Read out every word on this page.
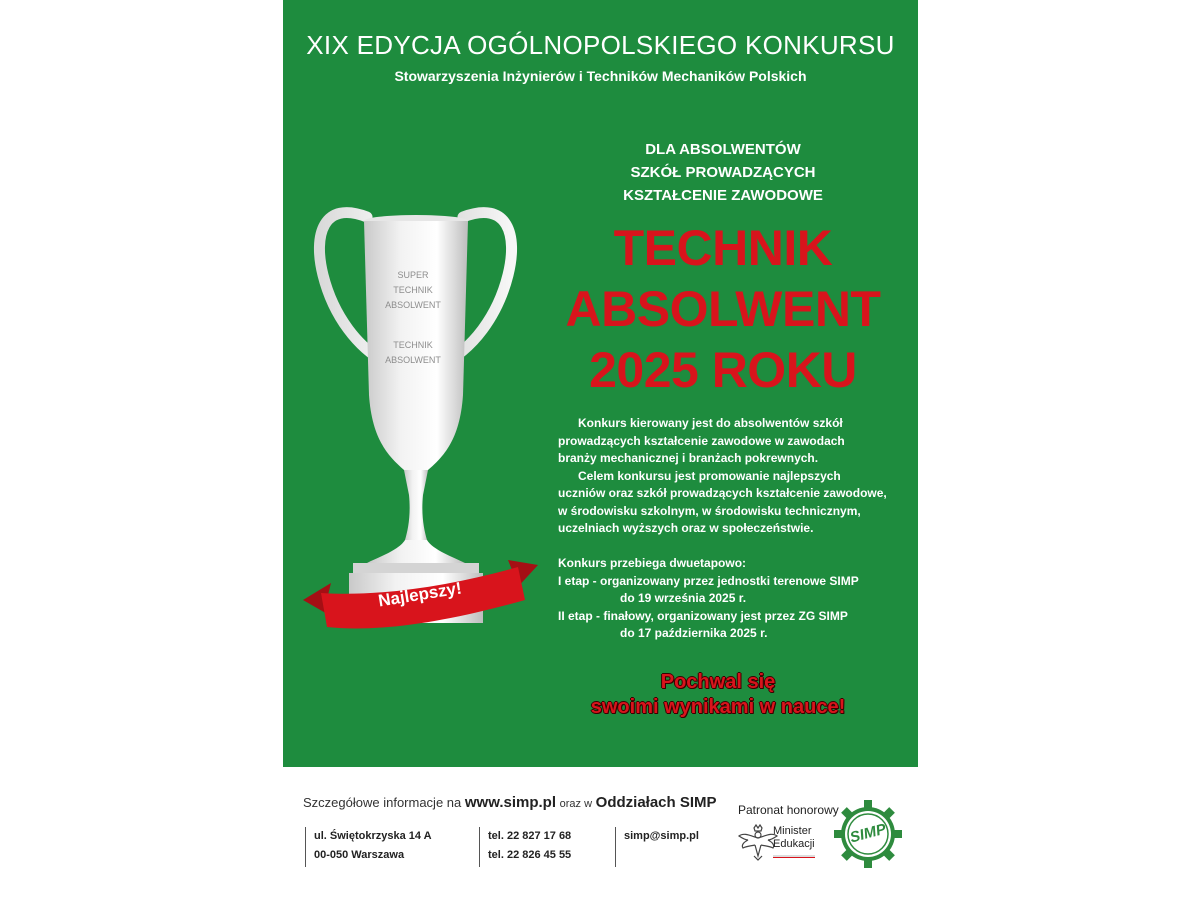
XIX EDYCJA OGÓLNOPOLSKIEGO KONKURSU
Stowarzyszenia Inżynierów i Techników Mechaników Polskich
DLA ABSOLWENTÓW
SZKÓŁ PROWADZĄCYCH
KSZTAŁCENIE ZAWODOWE
TECHNIK
ABSOLWENT
2025 ROKU
SUPER
TECHNIK
ABSOLWENT
TECHNIK
ABSOLWENT
Najlepszy!
Konkurs kierowany jest do absolwentów szkół
prowadzących kształcenie zawodowe w zawodach
branży mechanicznej i branżach pokrewnych.
Celem konkursu jest promowanie najlepszych
uczniów oraz szkół prowadzących kształcenie zawodowe,
w środowisku szkolnym, w środowisku technicznym,
uczelniach wyższych oraz w społeczeństwie.
Konkurs przebiega dwuetapowo:
I etap - organizowany przez jednostki terenowe SIMP
do 19 września 2025 r.
II etap - finałowy, organizowany jest przez ZG SIMP
do 17 października 2025 r.
Pochwal się
swoimi wynikami w nauce!
Szczegółowe informacje na www.simp.pl oraz w Oddziałach SIMP
ul. Świętokrzyska 14 A
00-050 Warszawa
tel. 22 827 17 68
tel. 22 826 45 55
simp@simp.pl
Patronat honorowy
Minister
Edukacji SIMP
